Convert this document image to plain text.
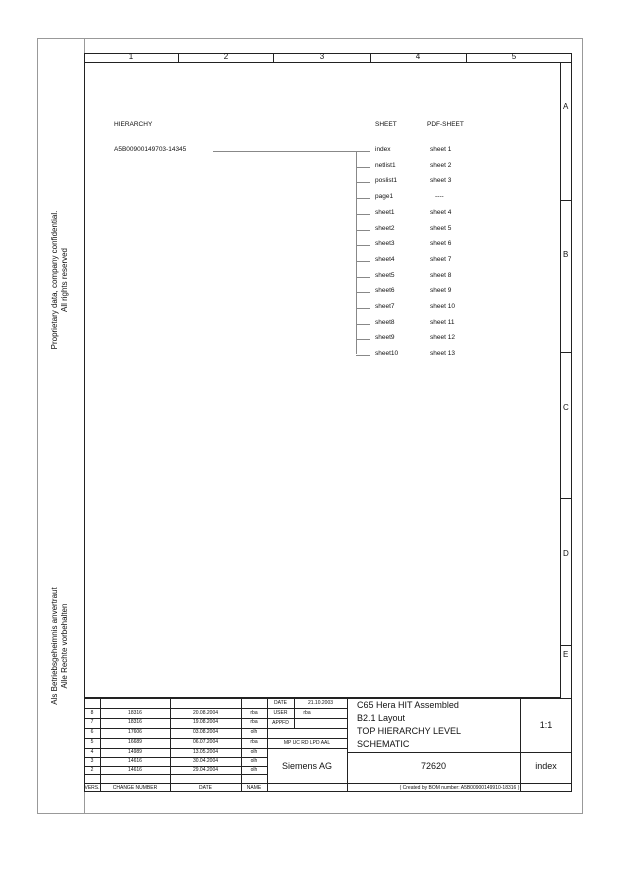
1	2	3	4	5
A
B
C
D
E
Proprietary data, company confidential. All rights reserved
Als Betriebsgeheimnis anvertraut Alle Rechte vorbehalten
HIERARCHY	SHEET	PDF-SHEET
A5B00900149703-14345	index	sheet 1
netlist1	sheet 2
poslist1	sheet 3
page1	----
sheet1	sheet 4
sheet2	sheet 5
sheet3	sheet 6
sheet4	sheet 7
sheet5	sheet 8
sheet6	sheet 9
sheet7	sheet 10
sheet8	sheet 11
sheet9	sheet 12
sheet10	sheet 13
VERS.	CHANGE NUMBER	DATE	NAME
8	18316	20.08.2004	rba
7	18316	19.08.2004	rba
6	17606	03.08.2004	olh
5	16689	06.07.2004	rba
4	14989	13.05.2004	olh
3	14616	30.04.2004	olh
2	14616	29.04.2004	olh
DATE	21.10.2003
USER	rba
APPFD
MP UC RD LPD AAL
Siemens AG
C65 Hera HIT Assembled
B2.1 Layout
TOP HIERARCHY LEVEL
SCHEMATIC
1:1
72620	index
( Created by BOM number: A5B00900149910-18316 )
